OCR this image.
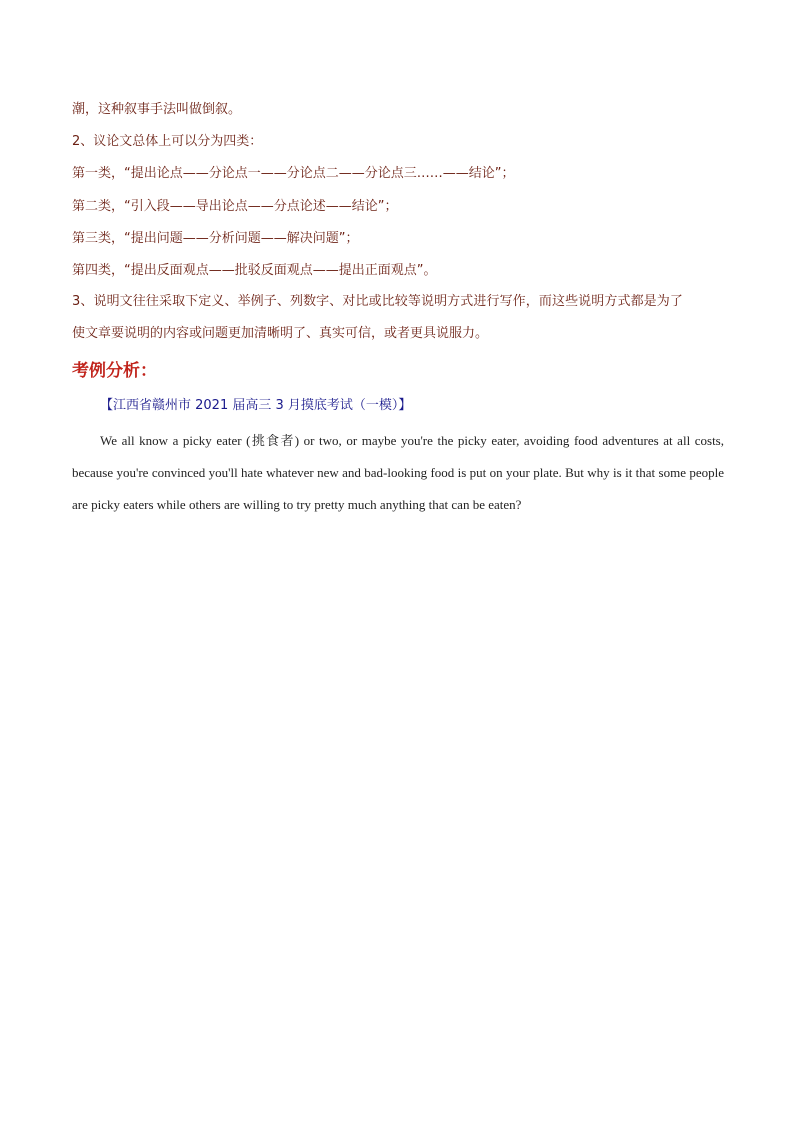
潮，这种叙事手法叫做倒叙。
2、议论文总体上可以分为四类：
第一类，“提出论点——分论点一——分论点二——分论点三……——结论”；
第二类，“引入段——导出论点——分点论述——结论”；
第三类，“提出问题——分析问题——解决问题”；
第四类，“提出反面观点——批驳反面观点——提出正面观点”。
3、说明文往往采取下定义、举例子、列数字、对比或比较等说明方式进行写作，而这些说明方式都是为了
使文章要说明的内容或问题更加清晰明了、真实可信，或者更具说服力。
考例分析：
【江西省赣州市 2021 届高三 3 月摸底考试（一模）】

We all know a picky eater (挑食者) or two, or maybe you're the picky eater, avoiding food adventures at all costs, because you're convinced you'll hate whatever new and bad-looking food is put on your plate. But why is it that some people are picky eaters while others are willing to try pretty much anything that can be eaten?
